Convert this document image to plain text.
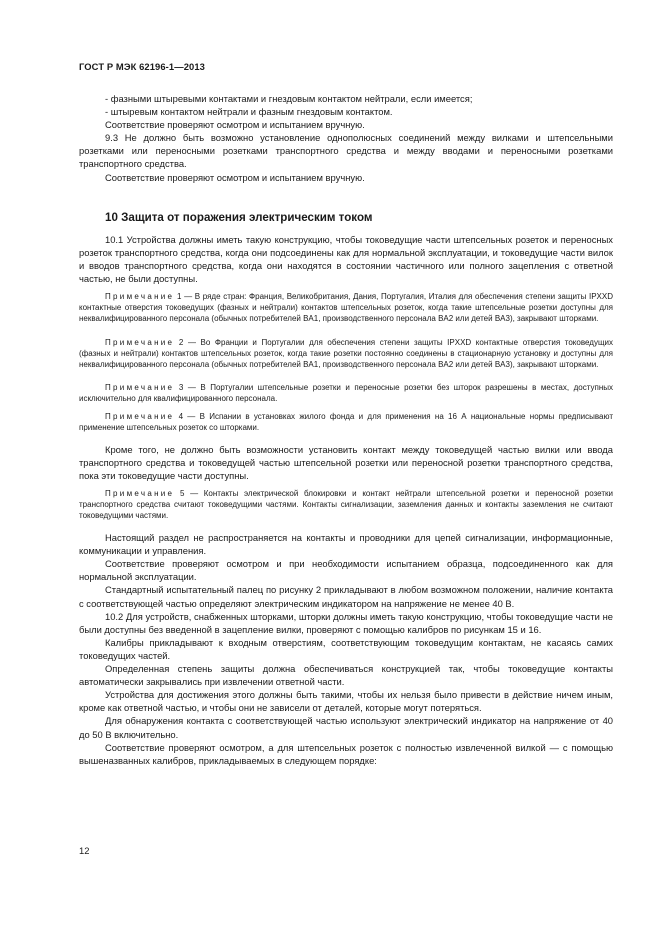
ГОСТ Р МЭК 62196-1—2013

- фазными штыревыми контактами и гнездовым контактом нейтрали, если имеется;

- штыревым контактом нейтрали и фазным гнездовым контактом.

Соответствие проверяют осмотром и испытанием вручную.

9.3 Не должно быть возможно установление однополюсных соединений между вилками и штепсельными розетками или переносными розетками транспортного средства и между вводами и переносными розетками транспортного средства.

Соответствие проверяют осмотром и испытанием вручную.

10 Защита от поражения электрическим током

10.1 Устройства должны иметь такую конструкцию, чтобы токоведущие части штепсельных розеток и переносных розеток транспортного средства, когда они подсоединены как для нормальной эксплуатации, и токоведущие части вилок и вводов транспортного средства, когда они находятся в состоянии частичного или полного зацепления с ответной частью, не были доступны.

Примечание 1 — В ряде стран: Франция, Великобритания, Дания, Португалия, Италия для обеспечения степени защиты IPXXD контактные отверстия токоведущих (фазных и нейтрали) контактов штепсельных розеток, когда такие штепсельные розетки доступны для неквалифицированного персонала (обычных потребителей BA1, производственного персонала BA2 или детей BA3), закрывают шторками.

Примечание 2 — Во Франции и Португалии для обеспечения степени защиты IPXXD контактные отверстия токоведущих (фазных и нейтрали) контактов штепсельных розеток, когда такие розетки постоянно соединены в стационарную установку и доступны для неквалифицированного персонала (обычных потребителей BA1, производственного персонала BA2 или детей BA3), закрывают шторками.

Примечание 3 — В Португалии штепсельные розетки и переносные розетки без шторок разрешены в местах, доступных исключительно для квалифицированного персонала.

Примечание 4 — В Испании в установках жилого фонда и для применения на 16 А национальные нормы предписывают применение штепсельных розеток со шторками.

Кроме того, не должно быть возможности установить контакт между токоведущей частью вилки или ввода транспортного средства и токоведущей частью штепсельной розетки или переносной розетки транспортного средства, пока эти токоведущие части доступны.

Примечание 5 — Контакты электрической блокировки и контакт нейтрали штепсельной розетки и переносной розетки транспортного средства считают токоведущими частями. Контакты сигнализации, заземления данных и контакты заземления не считают токоведущими частями.

Настоящий раздел не распространяется на контакты и проводники для цепей сигнализации, информационные, коммуникации и управления.

Соответствие проверяют осмотром и при необходимости испытанием образца, подсоединенного как для нормальной эксплуатации.

Стандартный испытательный палец по рисунку 2 прикладывают в любом возможном положении, наличие контакта с соответствующей частью определяют электрическим индикатором на напряжение не менее 40 В.

10.2 Для устройств, снабженных шторками, шторки должны иметь такую конструкцию, чтобы токоведущие части не были доступны без введенной в зацепление вилки, проверяют с помощью калибров по рисункам 15 и 16.

Калибры прикладывают к входным отверстиям, соответствующим токоведущим контактам, не касаясь самих токоведущих частей.

Определенная степень защиты должна обеспечиваться конструкцией так, чтобы токоведущие контакты автоматически закрывались при извлечении ответной части.

Устройства для достижения этого должны быть такими, чтобы их нельзя было привести в действие ничем иным, кроме как ответной частью, и чтобы они не зависели от деталей, которые могут потеряться.

Для обнаружения контакта с соответствующей частью используют электрический индикатор на напряжение от 40 до 50 В включительно.

Соответствие проверяют осмотром, а для штепсельных розеток с полностью извлеченной вилкой — с помощью вышеназванных калибров, прикладываемых в следующем порядке:

12
